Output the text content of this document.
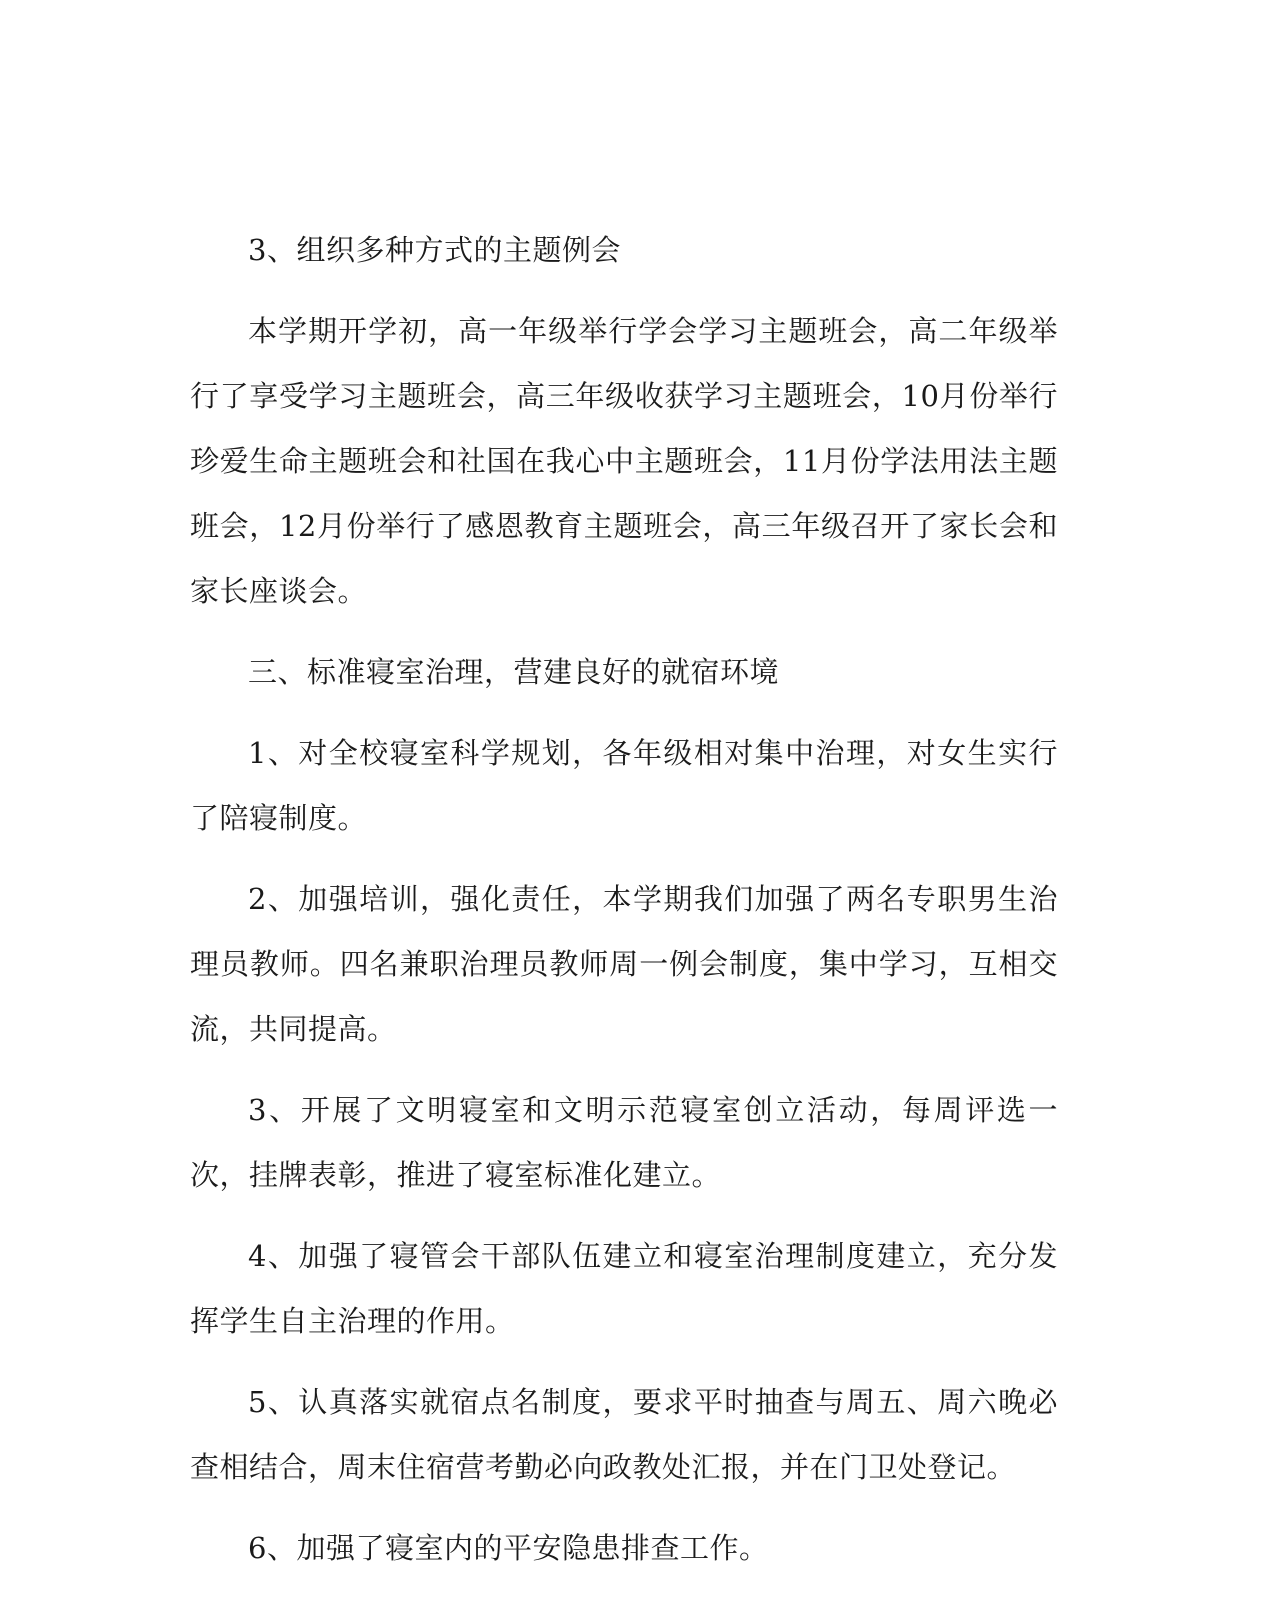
3、组织多种方式的主题例会

本学期开学初，高一年级举行学会学习主题班会，高二年级举行了享受学习主题班会，高三年级收获学习主题班会，10月份举行珍爱生命主题班会和社国在我心中主题班会，11月份学法用法主题班会，12月份举行了感恩教育主题班会，高三年级召开了家长会和家长座谈会。

三、标准寝室治理，营建良好的就宿环境

1、对全校寝室科学规划，各年级相对集中治理，对女生实行了陪寝制度。

2、加强培训，强化责任，本学期我们加强了两名专职男生治理员教师。四名兼职治理员教师周一例会制度，集中学习，互相交流，共同提高。

3、开展了文明寝室和文明示范寝室创立活动，每周评选一次，挂牌表彰，推进了寝室标准化建立。

4、加强了寝管会干部队伍建立和寝室治理制度建立，充分发挥学生自主治理的作用。

5、认真落实就宿点名制度，要求平时抽查与周五、周六晚必查相结合，周末住宿营考勤必向政教处汇报，并在门卫处登记。

6、加强了寝室内的平安隐患排查工作。
